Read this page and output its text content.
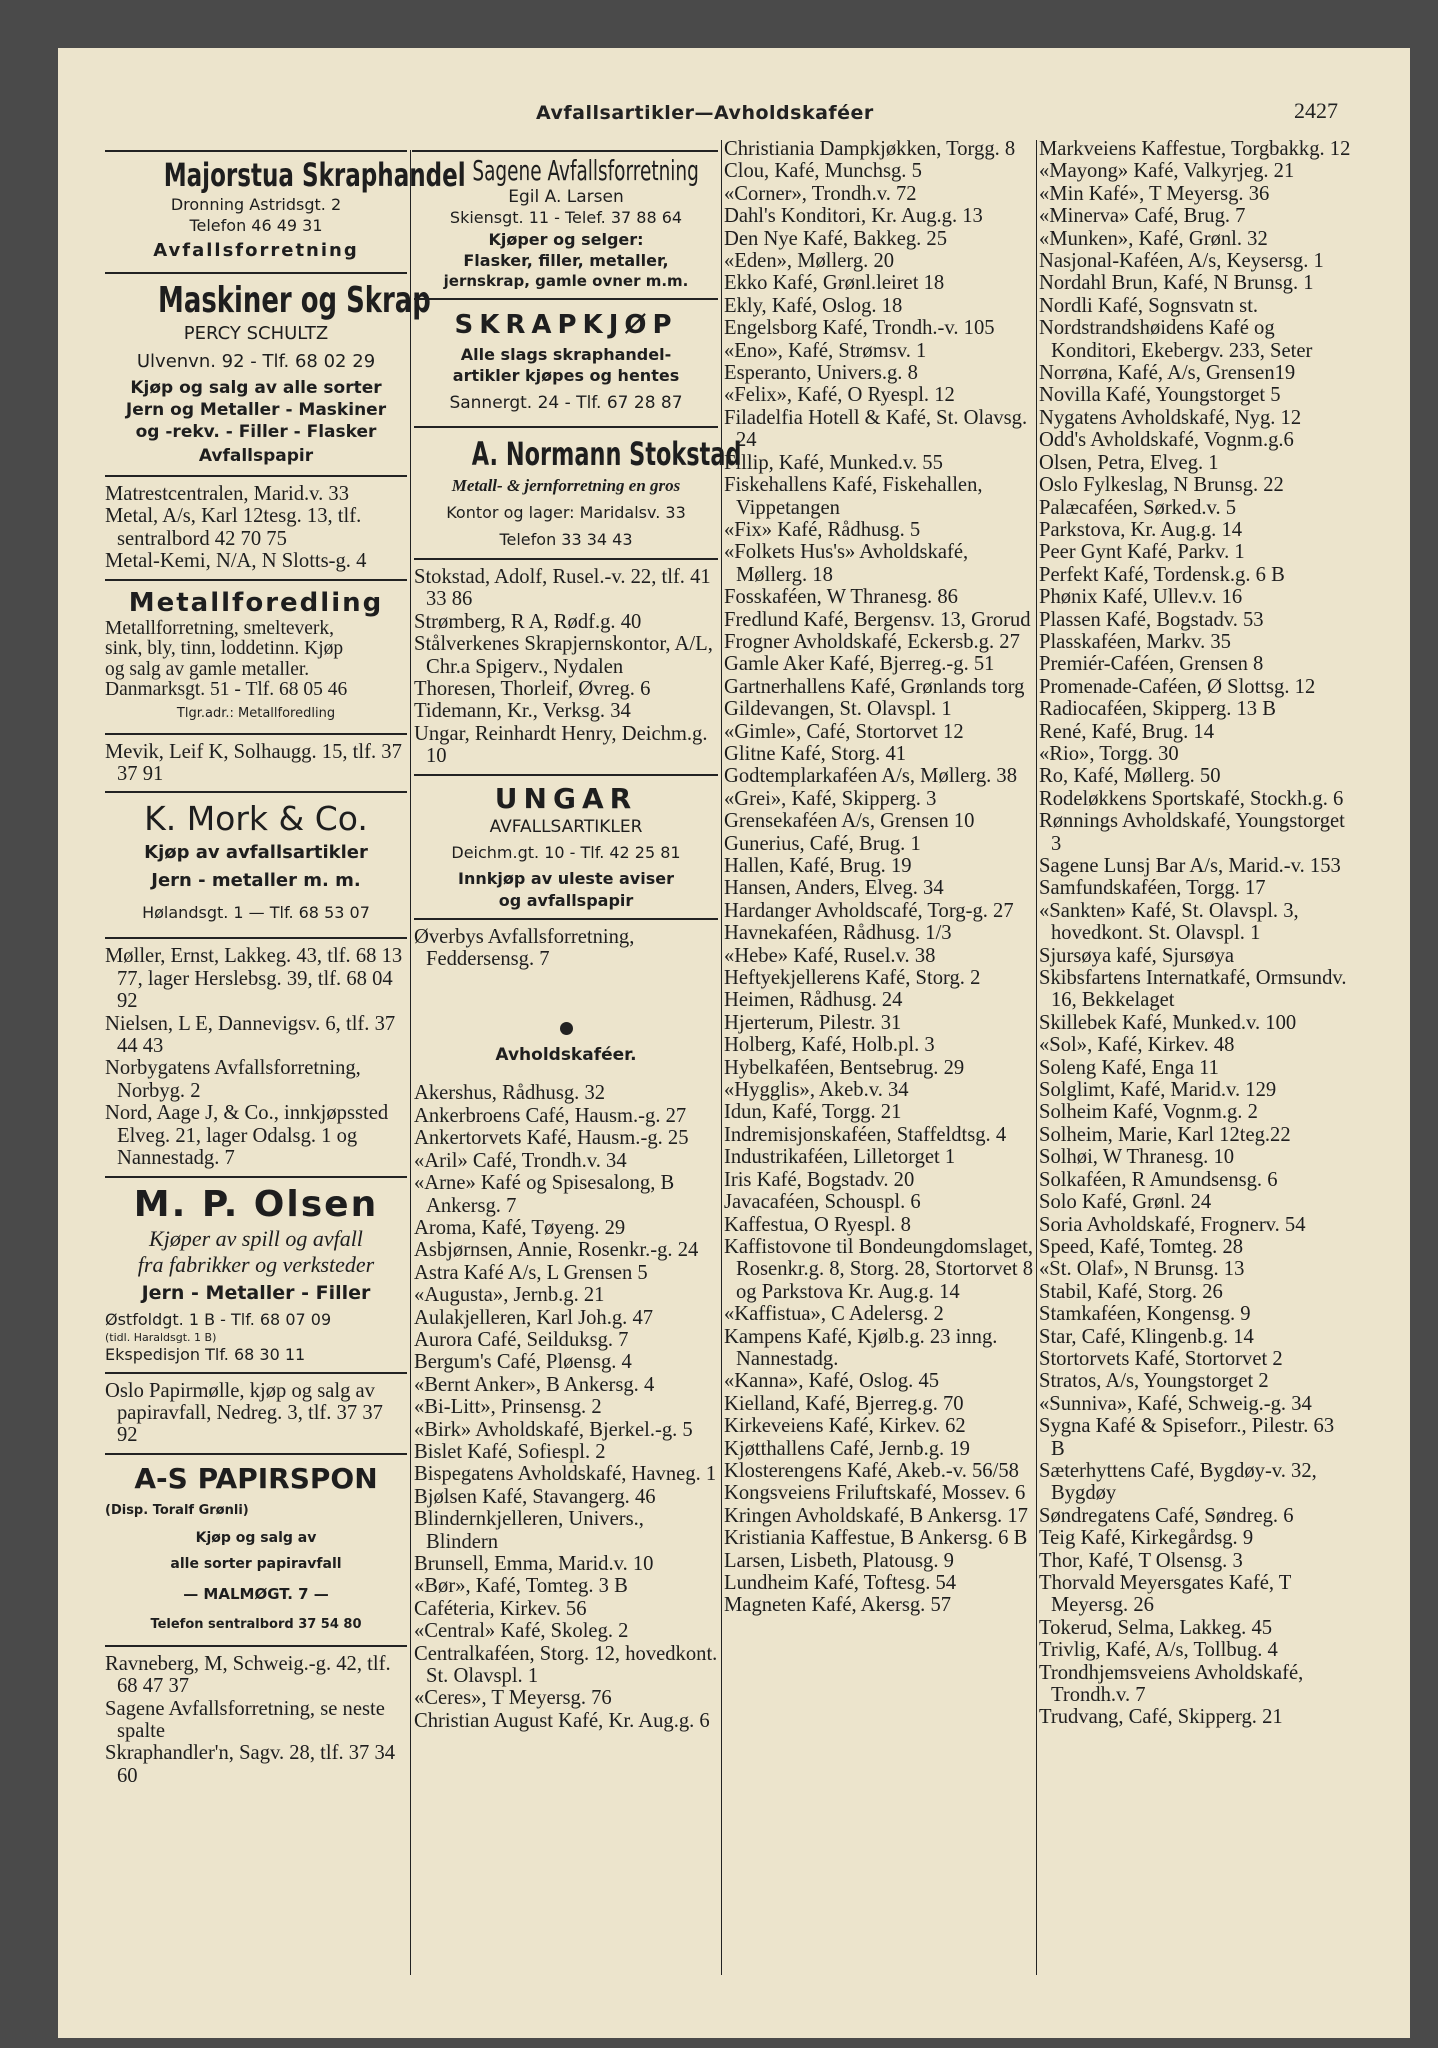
Avfallsartikler—Avholdskaféer	2427

Majorstua Skraphandel

Dronning Astridsgt. 2

Telefon 46 49 31

Avfallsforretning

Maskiner og Skrap

PERCY SCHULTZ

Ulvenvn. 92 - Tlf. 68 02 29

Kjøp og salg av alle sorter

Jern og Metaller - Maskiner

og -rekv. - Filler - Flasker

Avfallspapir

Matrestcentralen, Marid.v. 33

Metal, A/s, Karl 12tesg. 13, tlf. sentralbord 42 70 75

Metal-Kemi, N/A, N Slotts-g. 4

Metallforedling

Metallforretning, smelteverk,

sink, bly, tinn, loddetinn. Kjøp

og salg av gamle metaller.

Danmarksgt. 51 - Tlf. 68 05 46

Tlgr.adr.: Metallforedling

Mevik, Leif K, Solhaugg. 15, tlf. 37 37 91

K. Mork & Co.

Kjøp av avfallsartikler

Jern - metaller m. m.

Hølandsgt. 1 — Tlf. 68 53 07

Møller, Ernst, Lakkeg. 43, tlf. 68 13 77, lager Herslebsg. 39, tlf. 68 04 92

Nielsen, L E, Dannevigsv. 6, tlf. 37 44 43

Norbygatens Avfallsforretning, Norbyg. 2

Nord, Aage J, & Co., innkjøpssted Elveg. 21, lager Odalsg. 1 og Nannestadg. 7

M. P. Olsen

Kjøper av spill og avfall

fra fabrikker og verksteder

Jern - Metaller - Filler

Østfoldgt. 1 B - Tlf. 68 07 09

(tidl. Haraldsgt. 1 B)

Ekspedisjon Tlf. 68 30 11

Oslo Papirmølle, kjøp og salg av papiravfall, Nedreg. 3, tlf. 37 37 92

A-S PAPIRSPON

(Disp. Toralf Grønli)

Kjøp og salg av

alle sorter papiravfall

— MALMØGT. 7 —

Telefon sentralbord 37 54 80

Ravneberg, M, Schweig.-g. 42, tlf. 68 47 37

Sagene Avfallsforretning, se neste spalte

Skraphandler'n, Sagv. 28, tlf. 37 34 60

Sagene Avfallsforretning

Egil A. Larsen

Skiensgt. 11 - Telef. 37 88 64

Kjøper og selger:

Flasker, filler, metaller,

jernskrap, gamle ovner m.m.

SKRAPKJØP

Alle slags skraphandel-

artikler kjøpes og hentes

Sannergt. 24 - Tlf. 67 28 87

A. Normann Stokstad

Metall- & jernforretning en gros

Kontor og lager: Maridalsv. 33

Telefon 33 34 43

Stokstad, Adolf, Rusel.-v. 22, tlf. 41 33 86

Strømberg, R A, Rødf.g. 40

Stålverkenes Skrapjernskontor, A/L, Chr.a Spigerv., Nydalen

Thoresen, Thorleif, Øvreg. 6

Tidemann, Kr., Verksg. 34

Ungar, Reinhardt Henry, Deichm.g. 10

UNGAR

AVFALLSARTIKLER

Deichm.gt. 10 - Tlf. 42 25 81

Innkjøp av uleste aviser

og avfallspapir

Øverbys Avfallsforretning, Feddersensg. 7

Avholdskaféer.

Akershus, Rådhusg. 32

Ankerbroens Café, Hausm.-g. 27

Ankertorvets Kafé, Hausm.-g. 25

«Aril» Café, Trondh.v. 34

«Arne» Kafé og Spisesalong, B Ankersg. 7

Aroma, Kafé, Tøyeng. 29

Asbjørnsen, Annie, Rosenkr.-g. 24

Astra Kafé A/s, L Grensen 5

«Augusta», Jernb.g. 21

Aulakjelleren, Karl Joh.g. 47

Aurora Café, Seilduksg. 7

Bergum's Café, Pløensg. 4

«Bernt Anker», B Ankersg. 4

«Bi-Litt», Prinsensg. 2

«Birk» Avholdskafé, Bjerkel.-g. 5

Bislet Kafé, Sofiespl. 2

Bispegatens Avholdskafé, Havneg. 1

Bjølsen Kafé, Stavangerg. 46

Blindernkjelleren, Univers., Blindern

Brunsell, Emma, Marid.v. 10

«Bør», Kafé, Tomteg. 3 B

Caféteria, Kirkev. 56

«Central» Kafé, Skoleg. 2

Centralkaféen, Storg. 12, hovedkont. St. Olavspl. 1

«Ceres», T Meyersg. 76

Christian August Kafé, Kr. Aug.g. 6

Christiania Dampkjøkken, Torgg. 8

Clou, Kafé, Munchsg. 5

«Corner», Trondh.v. 72

Dahl's Konditori, Kr. Aug.g. 13

Den Nye Kafé, Bakkeg. 25

«Eden», Møllerg. 20

Ekko Kafé, Grønl.leiret 18

Ekly, Kafé, Oslog. 18

Engelsborg Kafé, Trondh.-v. 105

«Eno», Kafé, Strømsv. 1

Esperanto, Univers.g. 8

«Felix», Kafé, O Ryespl. 12

Filadelfia Hotell & Kafé, St. Olavsg. 24

Fillip, Kafé, Munked.v. 55

Fiskehallens Kafé, Fiskehallen, Vippetangen

«Fix» Kafé, Rådhusg. 5

«Folkets Hus's» Avholdskafé, Møllerg. 18

Fosskaféen, W Thranesg. 86

Fredlund Kafé, Bergensv. 13, Grorud

Frogner Avholdskafé, Eckersb.g. 27

Gamle Aker Kafé, Bjerreg.-g. 51

Gartnerhallens Kafé, Grønlands torg

Gildevangen, St. Olavspl. 1

«Gimle», Café, Stortorvet 12

Glitne Kafé, Storg. 41

Godtemplarkaféen A/s, Møllerg. 38

«Grei», Kafé, Skipperg. 3

Grensekaféen A/s, Grensen 10

Gunerius, Café, Brug. 1

Hallen, Kafé, Brug. 19

Hansen, Anders, Elveg. 34

Hardanger Avholdscafé, Torg-g. 27

Havnekaféen, Rådhusg. 1/3

«Hebe» Kafé, Rusel.v. 38

Heftyekjellerens Kafé, Storg. 2

Heimen, Rådhusg. 24

Hjerterum, Pilestr. 31

Holberg, Kafé, Holb.pl. 3

Hybelkaféen, Bentsebrug. 29

«Hygglis», Akeb.v. 34

Idun, Kafé, Torgg. 21

Indremisjonskaféen, Staffeldtsg. 4

Industrikaféen, Lilletorget 1

Iris Kafé, Bogstadv. 20

Javacaféen, Schouspl. 6

Kaffestua, O Ryespl. 8

Kaffistovone til Bondeungdomslaget, Rosenkr.g. 8, Storg. 28, Stortorvet 8 og Parkstova Kr. Aug.g. 14

«Kaffistua», C Adelersg. 2

Kampens Kafé, Kjølb.g. 23 inng. Nannestadg.

«Kanna», Kafé, Oslog. 45

Kielland, Kafé, Bjerreg.g. 70

Kirkeveiens Kafé, Kirkev. 62

Kjøtthallens Café, Jernb.g. 19

Klosterengens Kafé, Akeb.-v. 56/58

Kongsveiens Friluftskafé, Mossev. 6

Kringen Avholdskafé, B Ankersg. 17

Kristiania Kaffestue, B Ankersg. 6 B

Larsen, Lisbeth, Platousg. 9

Lundheim Kafé, Toftesg. 54

Magneten Kafé, Akersg. 57

Markveiens Kaffestue, Torgbakkg. 12

«Mayong» Kafé, Valkyrjeg. 21

«Min Kafé», T Meyersg. 36

«Minerva» Café, Brug. 7

«Munken», Kafé, Grønl. 32

Nasjonal-Kaféen, A/s, Keysersg. 1

Nordahl Brun, Kafé, N Brunsg. 1

Nordli Kafé, Sognsvatn st.

Nordstrandshøidens Kafé og Konditori, Ekebergv. 233, Seter

Norrøna, Kafé, A/s, Grensen19

Novilla Kafé, Youngstorget 5

Nygatens Avholdskafé, Nyg. 12

Odd's Avholdskafé, Vognm.g.6

Olsen, Petra, Elveg. 1

Oslo Fylkeslag, N Brunsg. 22

Palæcaféen, Sørked.v. 5

Parkstova, Kr. Aug.g. 14

Peer Gynt Kafé, Parkv. 1

Perfekt Kafé, Tordensk.g. 6 B

Phønix Kafé, Ullev.v. 16

Plassen Kafé, Bogstadv. 53

Plasskaféen, Markv. 35

Premiér-Caféen, Grensen 8

Promenade-Caféen, Ø Slottsg. 12

Radiocaféen, Skipperg. 13 B

René, Kafé, Brug. 14

«Rio», Torgg. 30

Ro, Kafé, Møllerg. 50

Rodeløkkens Sportskafé, Stockh.g. 6

Rønnings Avholdskafé, Youngstorget 3

Sagene Lunsj Bar A/s, Marid.-v. 153

Samfundskaféen, Torgg. 17

«Sankten» Kafé, St. Olavspl. 3, hovedkont. St. Olavspl. 1

Sjursøya kafé, Sjursøya

Skibsfartens Internatkafé, Ormsundv. 16, Bekkelaget

Skillebek Kafé, Munked.v. 100

«Sol», Kafé, Kirkev. 48

Soleng Kafé, Enga 11

Solglimt, Kafé, Marid.v. 129

Solheim Kafé, Vognm.g. 2

Solheim, Marie, Karl 12teg.22

Solhøi, W Thranesg. 10

Solkaféen, R Amundsensg. 6

Solo Kafé, Grønl. 24

Soria Avholdskafé, Frognerv. 54

Speed, Kafé, Tomteg. 28

«St. Olaf», N Brunsg. 13

Stabil, Kafé, Storg. 26

Stamkaféen, Kongensg. 9

Star, Café, Klingenb.g. 14

Stortorvets Kafé, Stortorvet 2

Stratos, A/s, Youngstorget 2

«Sunniva», Kafé, Schweig.-g. 34

Sygna Kafé & Spiseforr., Pilestr. 63 B

Sæterhyttens Café, Bygdøy-v. 32, Bygdøy

Søndregatens Café, Søndreg. 6

Teig Kafé, Kirkegårdsg. 9

Thor, Kafé, T Olsensg. 3

Thorvald Meyersgates Kafé, T Meyersg. 26

Tokerud, Selma, Lakkeg. 45

Trivlig, Kafé, A/s, Tollbug. 4

Trondhjemsveiens Avholdskafé, Trondh.v. 7

Trudvang, Café, Skipperg. 21
